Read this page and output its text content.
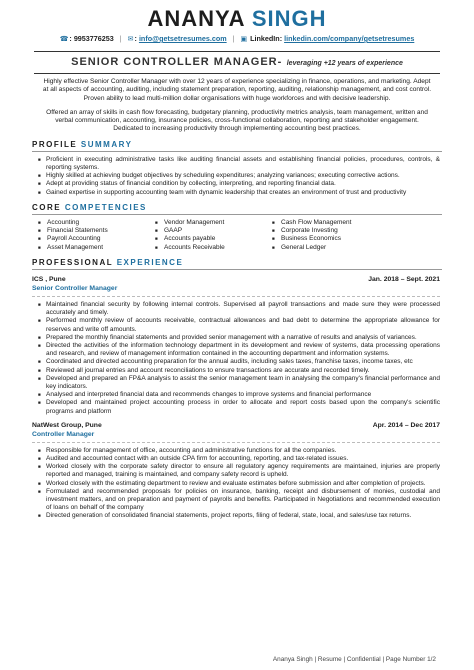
ANANYA SINGH
☎: 9953776253 | ✉: info@getsetresumes.com | ▣ LinkedIn: linkedin.com/company/getsetresumes
SENIOR CONTROLLER MANAGER- leveraging +12 years of experience

Highly effective Senior Controller Manager with over 12 years of experience specializing in finance, operations, and marketing. Adept at all aspects of accounting, auditing, including statement preparation, reporting, auditing, relationship management, and cost control. Proven ability to lead multi-million dollar organisations with huge workforces and with decisive leadership.

Offered an array of skills in cash flow forecasting, budgetary planning, productivity metrics analysis, team management, written and verbal communication, accounting, insurance policies, cross-functional collaboration, reporting and stakeholder engagement. Dedicated to increasing productivity through implementing accounting best practices.

PROFILE SUMMARY
■ Proficient in executing administrative tasks like auditing financial assets and establishing financial policies, procedures, controls, & reporting systems.
■ Highly skilled at achieving budget objectives by scheduling expenditures; analyzing variances; executing corrective actions.
■ Adept at providing status of financial condition by collecting, interpreting, and reporting financial data.
■ Gained expertise in supporting accounting team with dynamic leadership that creates an environment of trust and productivity
CORE COMPETENCIES
■ Accounting	■ Vendor Management	■ Cash Flow Management
■ Financial Statements	■ GAAP	■ Corporate Investing
■ Payroll Accounting	■ Accounts payable	■ Business Economics
■ Asset Management	■ Accounts Receivable	■ General Ledger
PROFESSIONAL EXPERIENCE
ICS , Pune	Jan. 2018 – Sept. 2021
Senior Controller Manager
■ Maintained financial security by following internal controls. Supervised all payroll transactions and made sure they were processed accurately and timely.
■ Performed monthly review of accounts receivable, contractual allowances and bad debt to determine the appropriate allowance for reserves and write off amounts.
■ Prepared the monthly financial statements and provided senior management with a narrative of results and analysis of variances.
■ Directed the activities of the information technology department in its development and review of systems, data processing operations and research, and review of management information contained in the accounting department and information systems.
■ Coordinated and directed accounting preparation for the annual audits, including sales taxes, franchise taxes, income taxes, etc
■ Reviewed all journal entries and account reconciliations to ensure transactions are accurate and recorded timely.
■ Developed and prepared an FP&A analysis to assist the senior management team in analysing the company's financial performance and key indicators.
■ Analysed and interpreted financial data and recommends changes to improve systems and financial performance
■ Developed and maintained project accounting process in order to allocate and report costs based upon the company's scientific programs and platform
NatWest Group, Pune	Apr. 2014 – Dec 2017
Controller Manager
■ Responsible for management of office, accounting and administrative functions for all the companies.
■ Audited and accounted contact with an outside CPA firm for accounting, reporting, and tax-related issues.
■ Worked closely with the corporate safety director to ensure all regulatory agency requirements are maintained, injuries are properly reported and managed, training is maintained, and company safety record is upheld.
■ Worked closely with the estimating department to review and evaluate estimates before submission and after completion of projects.
■ Formulated and recommended proposals for policies on insurance, banking, receipt and disbursement of monies, custodial and investment matters, and on preparation and payment of payrolls and benefits. Participated in Negotiations and recommended execution of loans on behalf of the company
■ Directed generation of consolidated financial statements, project reports, filing of federal, state, local, and sales/use tax returns.
Ananya Singh | Resume | Confidential | Page Number 1/2
